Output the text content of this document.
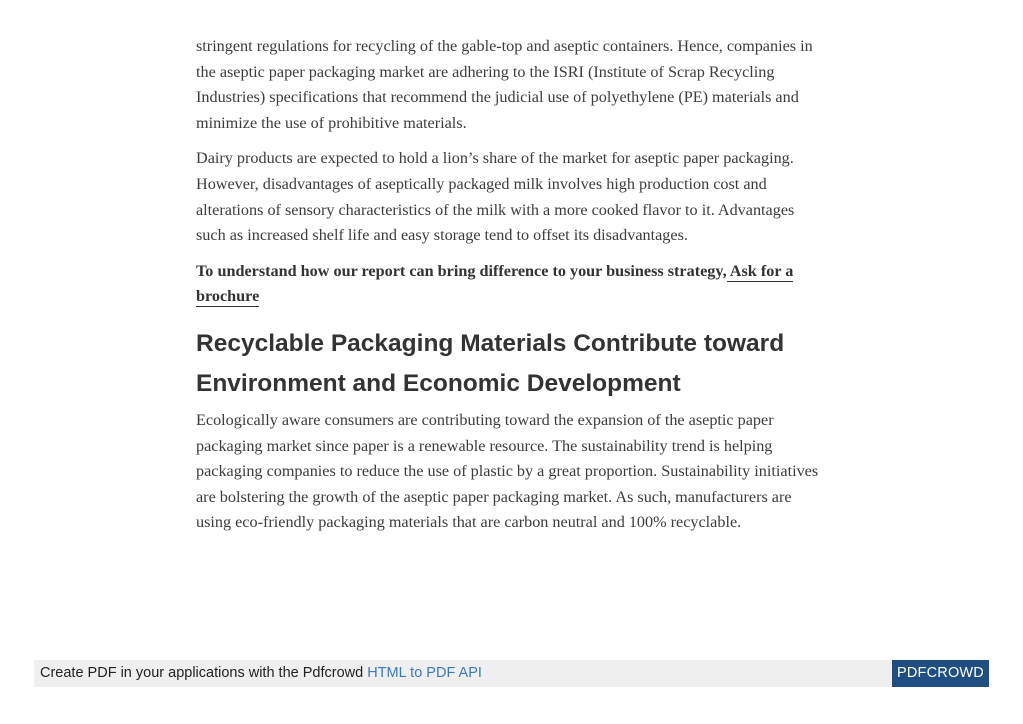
stringent regulations for recycling of the gable-top and aseptic containers. Hence, companies in the aseptic paper packaging market are adhering to the ISRI (Institute of Scrap Recycling Industries) specifications that recommend the judicial use of polyethylene (PE) materials and minimize the use of prohibitive materials.

Dairy products are expected to hold a lion’s share of the market for aseptic paper packaging. However, disadvantages of aseptically packaged milk involves high production cost and alterations of sensory characteristics of the milk with a more cooked flavor to it. Advantages such as increased shelf life and easy storage tend to offset its disadvantages.

To understand how our report can bring difference to your business strategy, Ask for a brochure

Recyclable Packaging Materials Contribute toward Environment and Economic Development

Ecologically aware consumers are contributing toward the expansion of the aseptic paper packaging market since paper is a renewable resource. The sustainability trend is helping packaging companies to reduce the use of plastic by a great proportion. Sustainability initiatives are bolstering the growth of the aseptic paper packaging market. As such, manufacturers are using eco-friendly packaging materials that are carbon neutral and 100% recyclable.

Create PDF in your applications with the Pdfcrowd HTML to PDF API	PDFCROWD
